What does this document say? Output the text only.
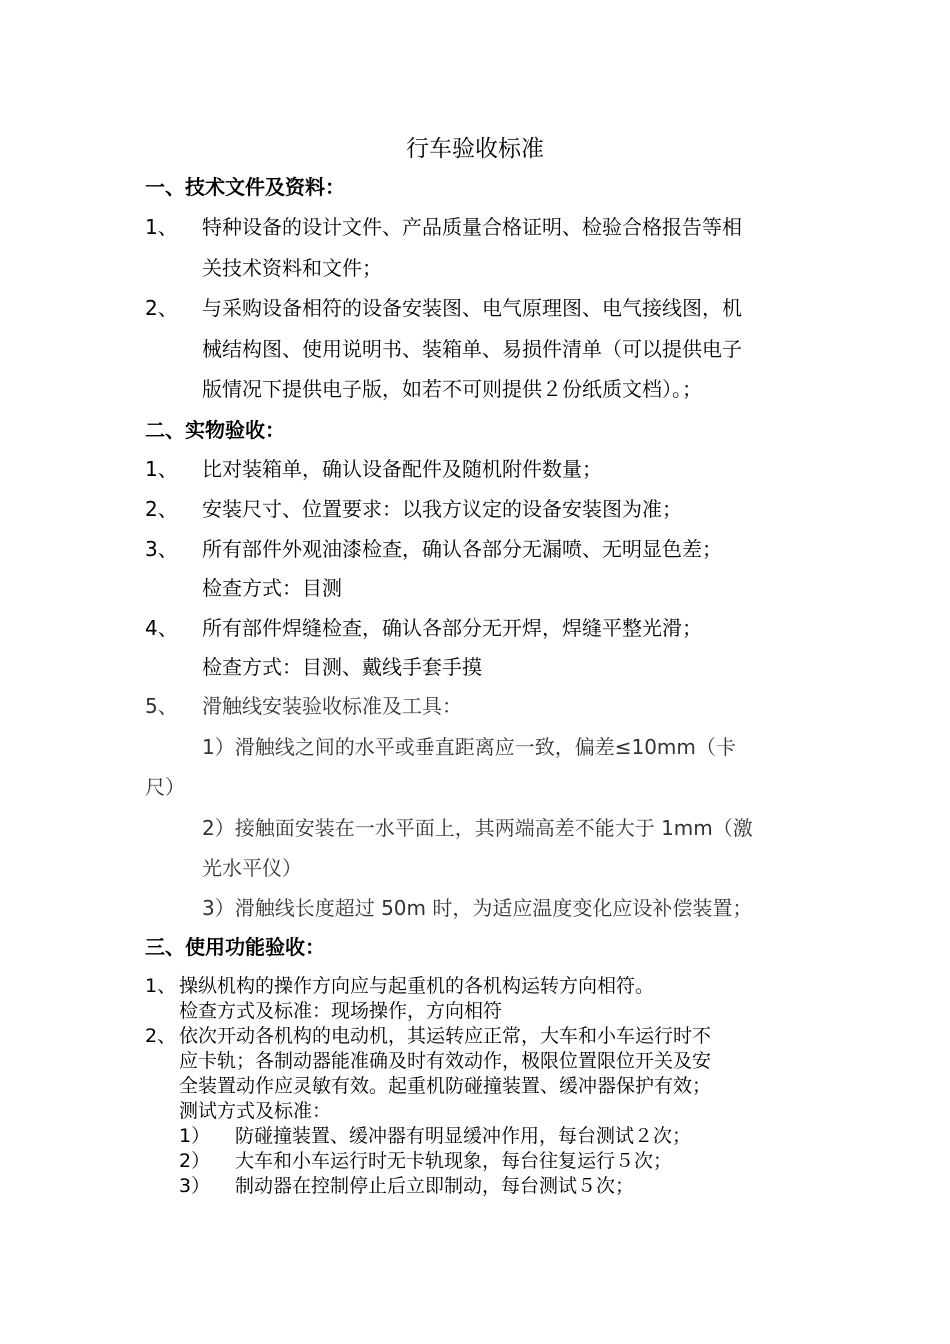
行车验收标准
一、技术文件及资料：
1、 特种设备的设计文件、产品质量合格证明、检验合格报告等相
关技术资料和文件；
2、 与采购设备相符的设备安装图、电气原理图、电气接线图，机
械结构图、使用说明书、装箱单、易损件清单（可以提供电子
版情况下提供电子版，如若不可则提供２份纸质文档）。；
二、实物验收：
1、 比对装箱单，确认设备配件及随机附件数量；
2、 安装尺寸、位置要求：以我方议定的设备安装图为准；
3、 所有部件外观油漆检查，确认各部分无漏喷、无明显色差；
检查方式：目测
4、 所有部件焊缝检查，确认各部分无开焊，焊缝平整光滑；
检查方式：目测、戴线手套手摸
5、 滑触线安装验收标准及工具：
1）滑触线之间的水平或垂直距离应一致，偏差≤10mm（卡
尺）
2）接触面安装在一水平面上，其两端高差不能大于 1mm（激
光水平仪）
3）滑触线长度超过 50m 时，为适应温度变化应设补偿装置；
三、使用功能验收：
1、 操纵机构的操作方向应与起重机的各机构运转方向相符。
检查方式及标准：现场操作，方向相符
2、 依次开动各机构的电动机，其运转应正常，大车和小车运行时不
应卡轨；各制动器能准确及时有效动作，极限位置限位开关及安
全装置动作应灵敏有效。起重机防碰撞装置、缓冲器保护有效；
测试方式及标准：
1） 防碰撞装置、缓冲器有明显缓冲作用，每台测试２次；
2） 大车和小车运行时无卡轨现象，每台往复运行５次；
3） 制动器在控制停止后立即制动，每台测试５次；
